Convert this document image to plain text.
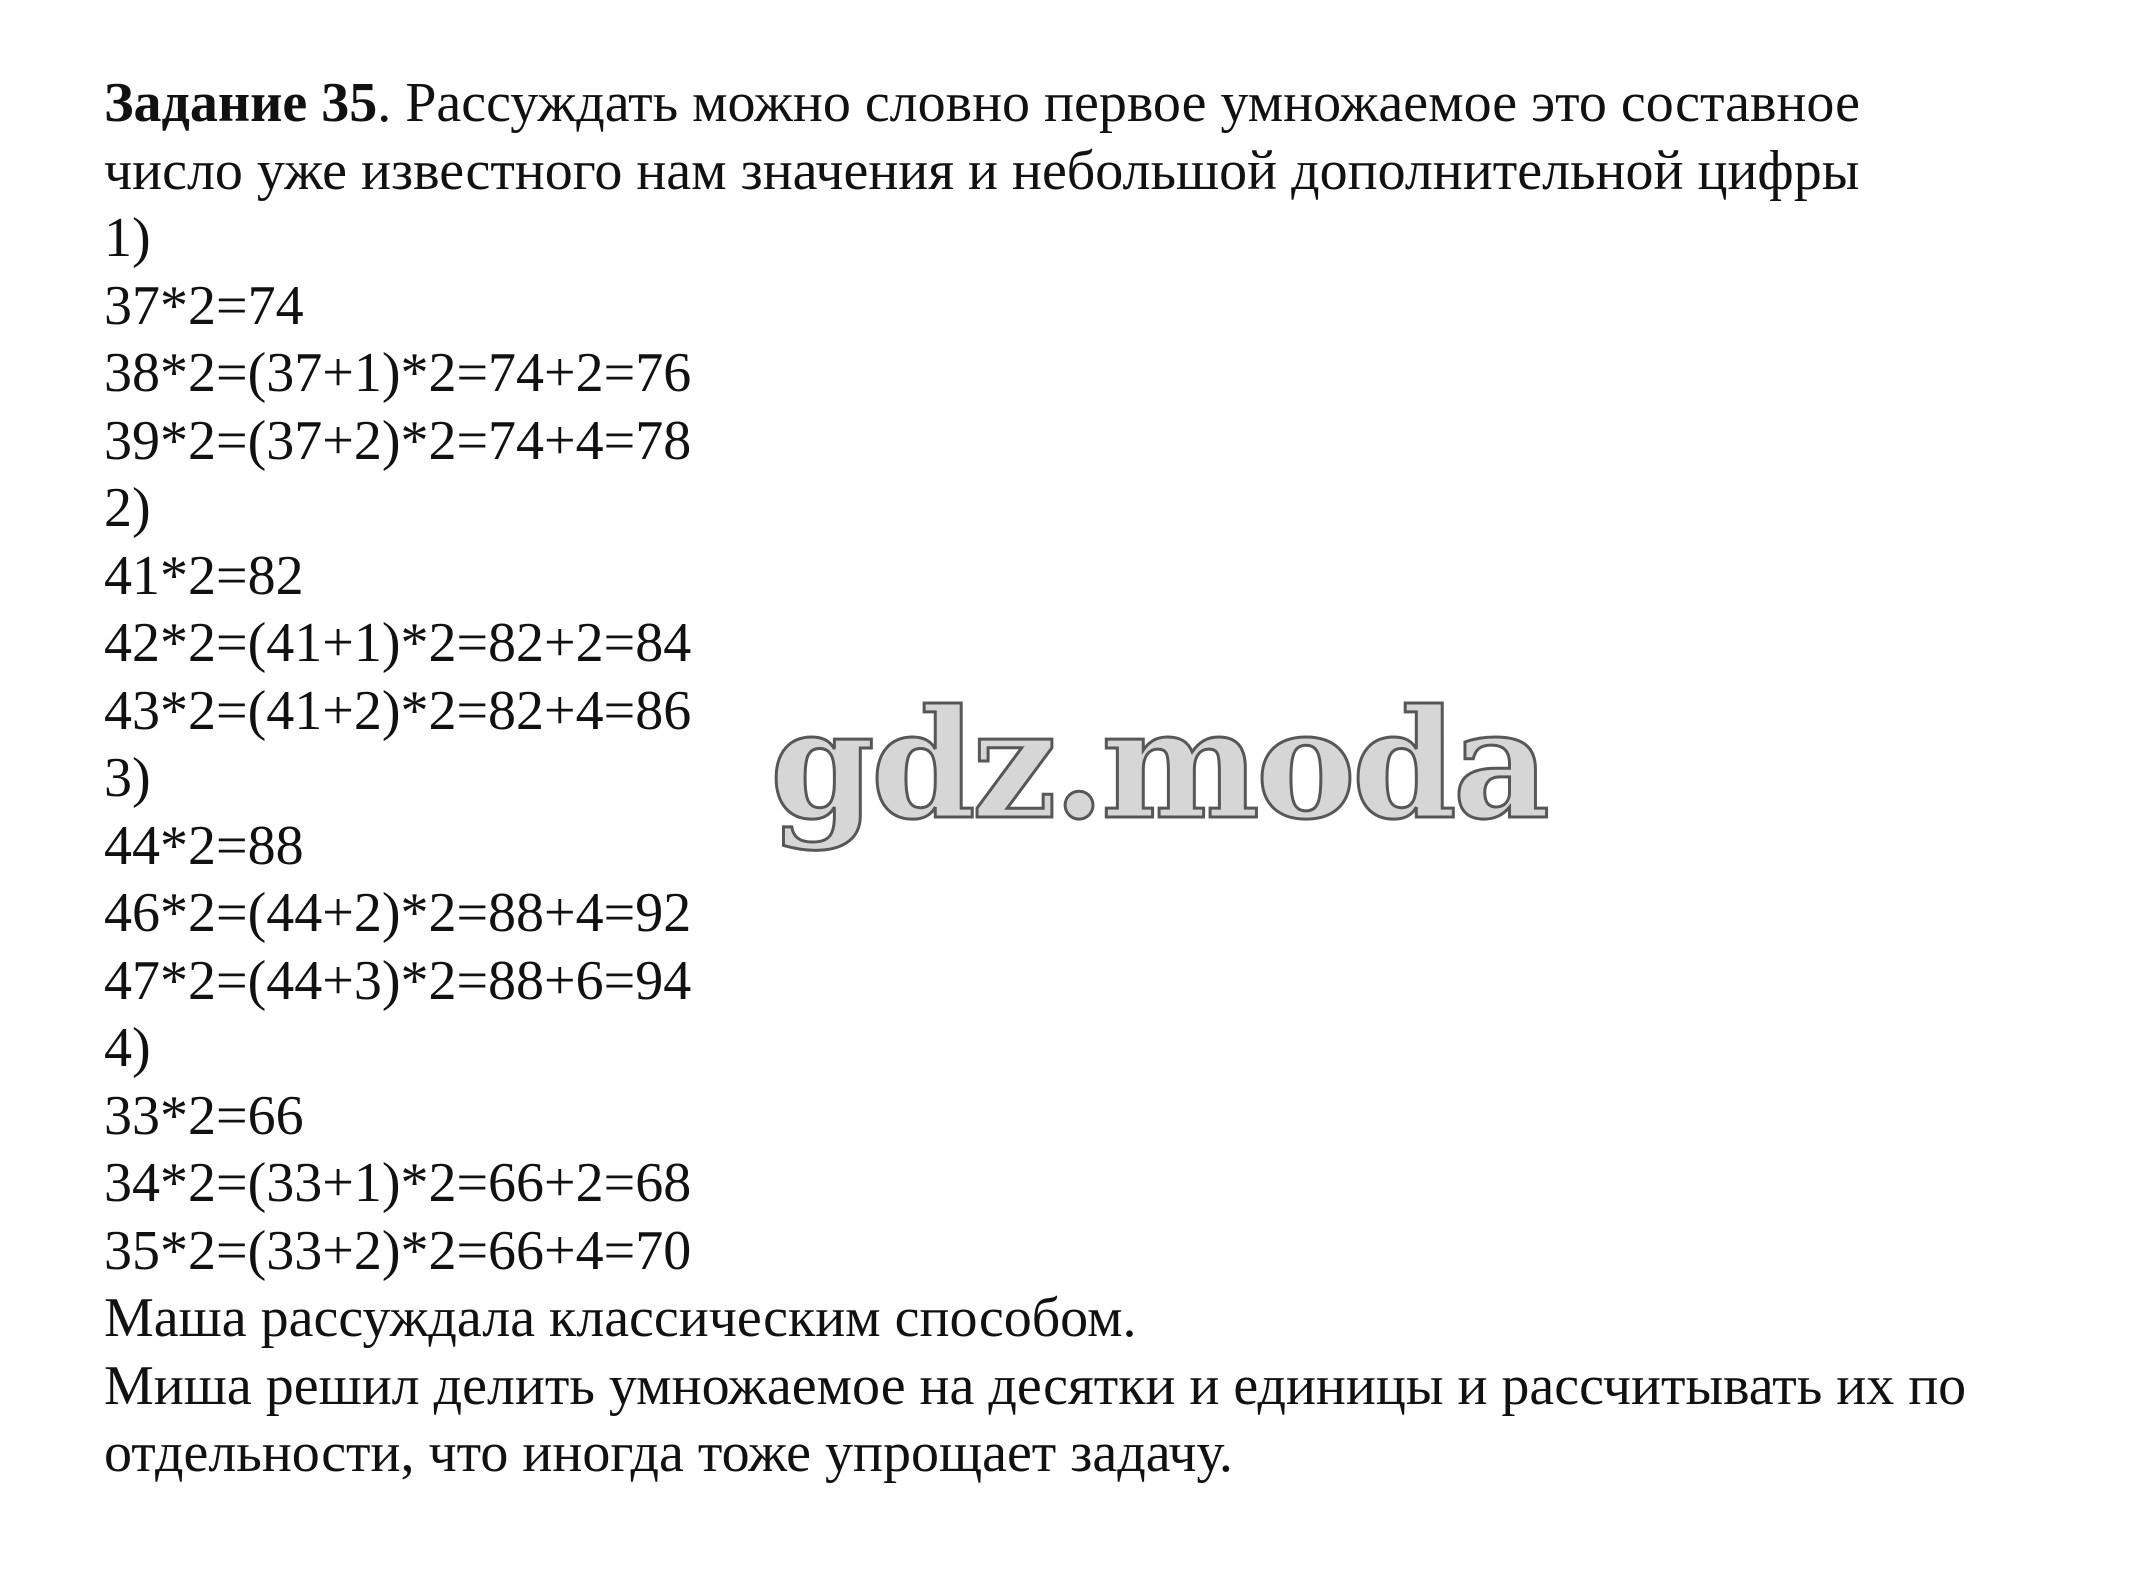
Задание 35. Рассуждать можно словно первое умножаемое это составное
число уже известного нам значения и небольшой дополнительной цифры
1)
37*2=74
38*2=(37+1)*2=74+2=76
39*2=(37+2)*2=74+4=78
2)
41*2=82
42*2=(41+1)*2=82+2=84
43*2=(41+2)*2=82+4=86
3)
44*2=88
46*2=(44+2)*2=88+4=92
47*2=(44+3)*2=88+6=94
4)
33*2=66
34*2=(33+1)*2=66+2=68
35*2=(33+2)*2=66+4=70
Маша рассуждала классическим способом.
Миша решил делить умножаемое на десятки и единицы и рассчитывать их по
отдельности, что иногда тоже упрощает задачу.
gdz.moda
